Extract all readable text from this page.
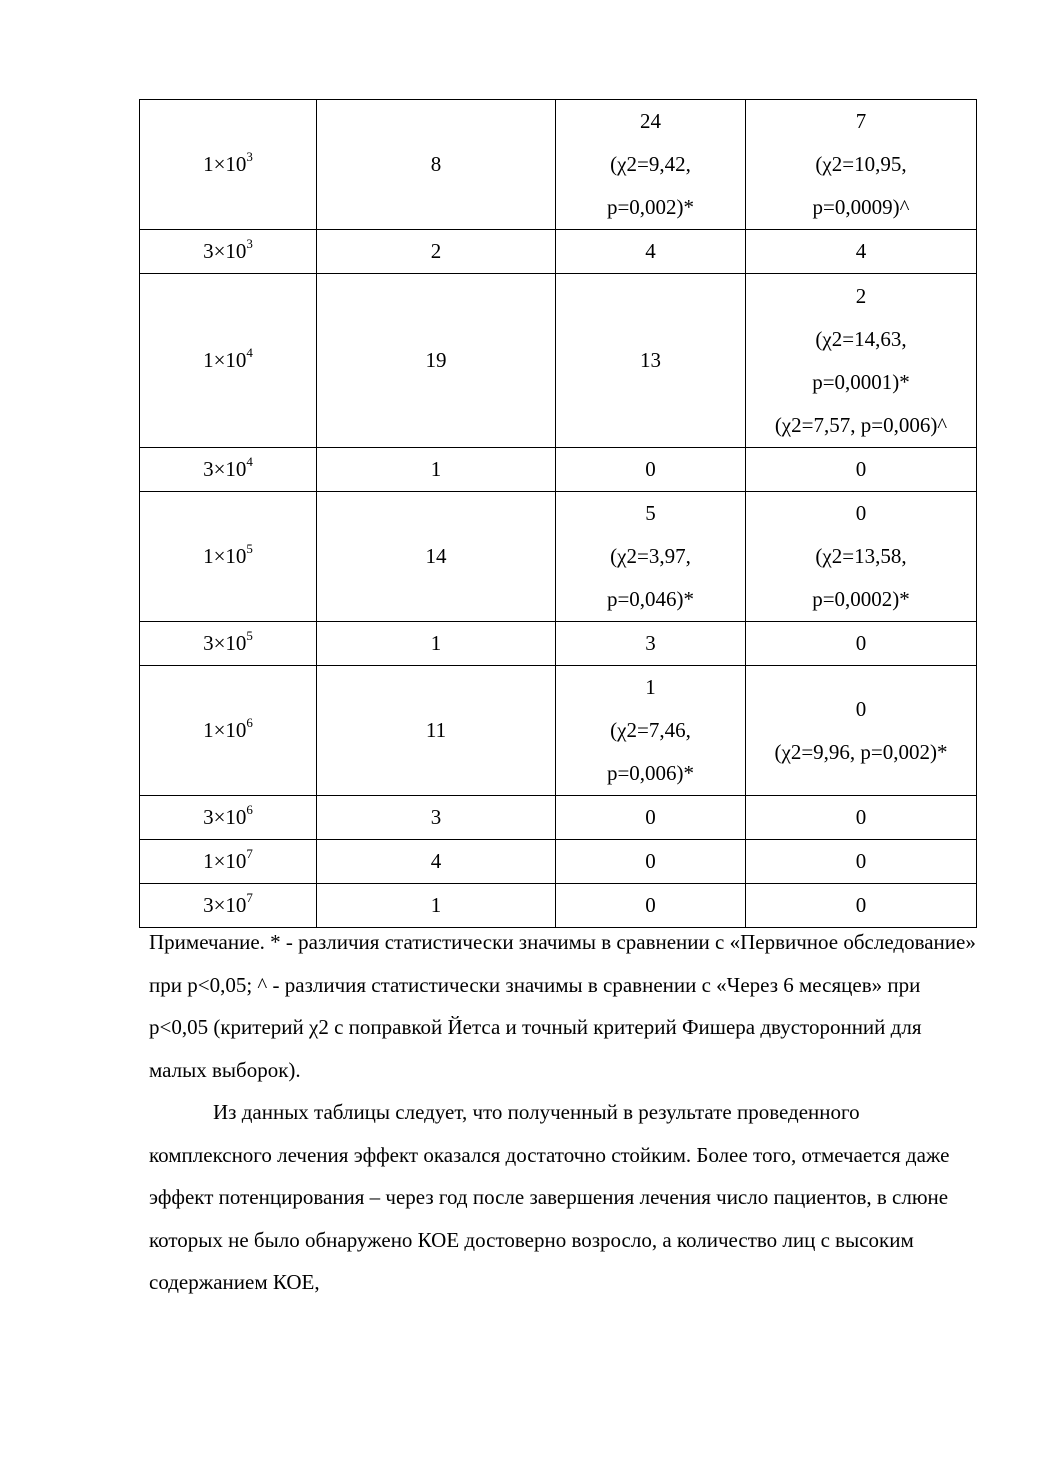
$1\times 10^3$	8	24
(χ2=9,42,
p=0,002)*	7
(χ2=10,95,
p=0,0009)^

$3\times 10^3$	2	4	4

$1\times 10^4$	19	13	2
(χ2=14,63,
p=0,0001)*
(χ2=7,57, p=0,006)^

$3\times 10^4$	1	0	0

$1\times 10^5$	14	5
(χ2=3,97,
p=0,046)*	0
(χ2=13,58,
p=0,0002)*

$3\times 10^5$	1	3	0

$1\times 10^6$	11	1
(χ2=7,46,
p=0,006)*	0
(χ2=9,96, p=0,002)*

$3\times 10^6$	3	0	0

$1\times 10^7$	4	0	0

$3\times 10^7$	1	0	0

Примечание. * - различия статистически значимы в сравнении с «Первичное обследование» при p<0,05; ^ - различия статистически значимы в сравнении с «Через 6 месяцев» при p<0,05 (критерий χ2 с поправкой Йетса и точный критерий Фишера двусторонний для малых выборок).

Из данных таблицы следует, что полученный в результате проведенного комплексного лечения эффект оказался достаточно стойким. Более того, отмечается даже эффект потенцирования – через год после завершения лечения число пациентов, в слюне которых не было обнаружено КОЕ достоверно возросло, а количество лиц с высоким содержанием КОЕ,
